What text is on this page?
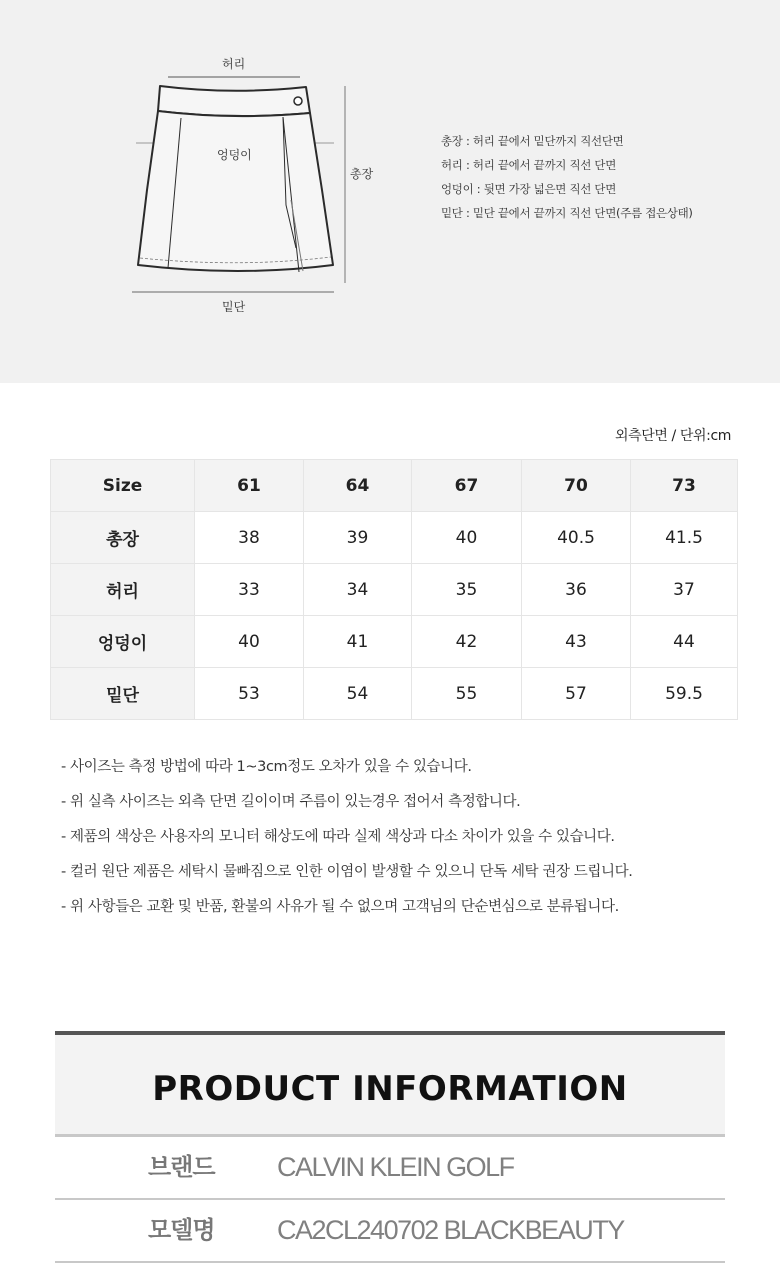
허리
엉덩이
총장
밑단
총장 : 허리 끝에서 밑단까지 직선단면
허리 : 허리 끝에서 끝까지 직선 단면
엉덩이 : 뒷면 가장 넓은면 직선 단면
밑단 : 밑단 끝에서 끝까지 직선 단면(주름 접은상태)
외측단면 / 단위:cm
Size	61	64	67	70	73
총장	38	39	40	40.5	41.5
허리	33	34	35	36	37
엉덩이	40	41	42	43	44
밑단	53	54	55	57	59.5
- 사이즈는 측정 방법에 따라 1~3cm정도 오차가 있을 수 있습니다.
- 위 실측 사이즈는 외측 단면 길이이며 주름이 있는경우 접어서 측정합니다.
- 제품의 색상은 사용자의 모니터 해상도에 따라 실제 색상과 다소 차이가 있을 수 있습니다.
- 컬러 원단 제품은 세탁시 물빠짐으로 인한 이염이 발생할 수 있으니 단독 세탁 권장 드립니다.
- 위 사항들은 교환 및 반품, 환불의 사유가 될 수 없으며 고객님의 단순변심으로 분류됩니다.
PRODUCT INFORMATION
브랜드 CALVIN KLEIN GOLF
모델명 CA2CL240702 BLACKBEAUTY
